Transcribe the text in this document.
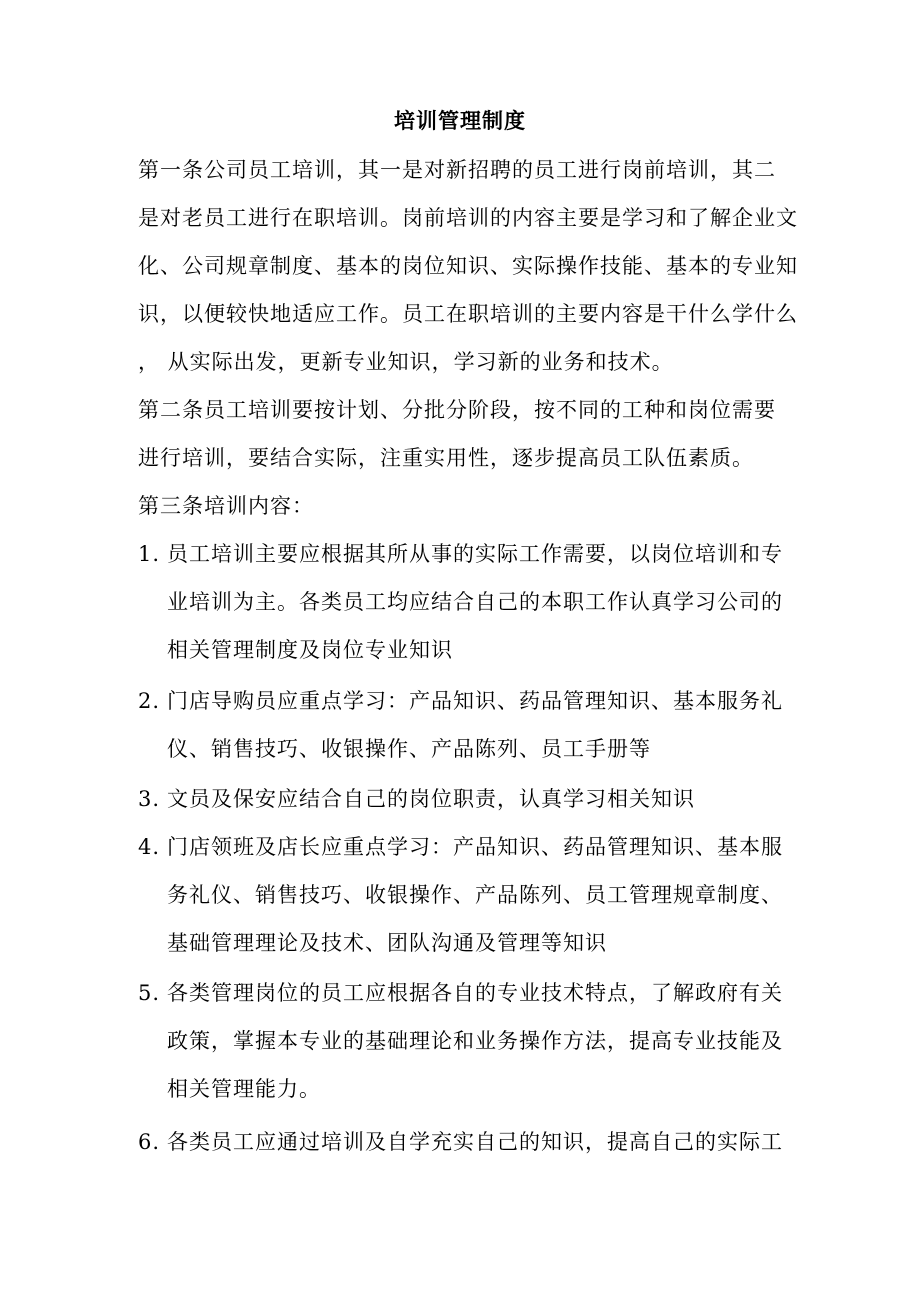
培训管理制度
第一条公司员工培训，其一是对新招聘的员工进行岗前培训，其二
是对老员工进行在职培训。岗前培训的内容主要是学习和了解企业文
化、公司规章制度、基本的岗位知识、实际操作技能、基本的专业知
识，以便较快地适应工作。员工在职培训的主要内容是干什么学什么
， 从实际出发，更新专业知识，学习新的业务和技术。
第二条员工培训要按计划、分批分阶段，按不同的工种和岗位需要
进行培训，要结合实际，注重实用性，逐步提高员工队伍素质。
第三条培训内容：
1. 员工培训主要应根据其所从事的实际工作需要，以岗位培训和专
业培训为主。各类员工均应结合自己的本职工作认真学习公司的
相关管理制度及岗位专业知识
2. 门店导购员应重点学习：产品知识、药品管理知识、基本服务礼
仪、销售技巧、收银操作、产品陈列、员工手册等
3. 文员及保安应结合自己的岗位职责，认真学习相关知识
4. 门店领班及店长应重点学习：产品知识、药品管理知识、基本服
务礼仪、销售技巧、收银操作、产品陈列、员工管理规章制度、
基础管理理论及技术、团队沟通及管理等知识
5. 各类管理岗位的员工应根据各自的专业技术特点，了解政府有关
政策，掌握本专业的基础理论和业务操作方法，提高专业技能及
相关管理能力。
6. 各类员工应通过培训及自学充实自己的知识，提高自己的实际工
